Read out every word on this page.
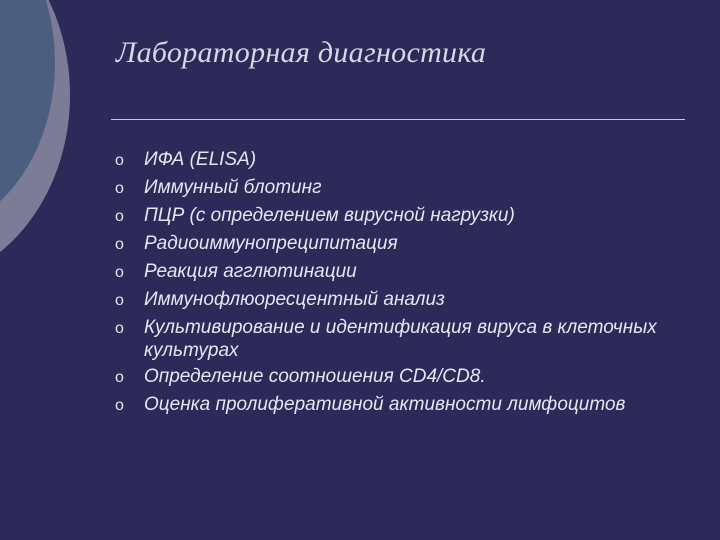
Лабораторная диагностика
o ИФА (ELISA)
o Иммунный блотинг
o ПЦР (с определением вирусной нагрузки)
o Радиоиммунопреципитация
o Реакция агглютинации
o Иммунофлюоресцентный анализ
o Культивирование и идентификация вируса в клеточных культурах
o Определение соотношения CD4/CD8.
o Оценка пролиферативной активности лимфоцитов
